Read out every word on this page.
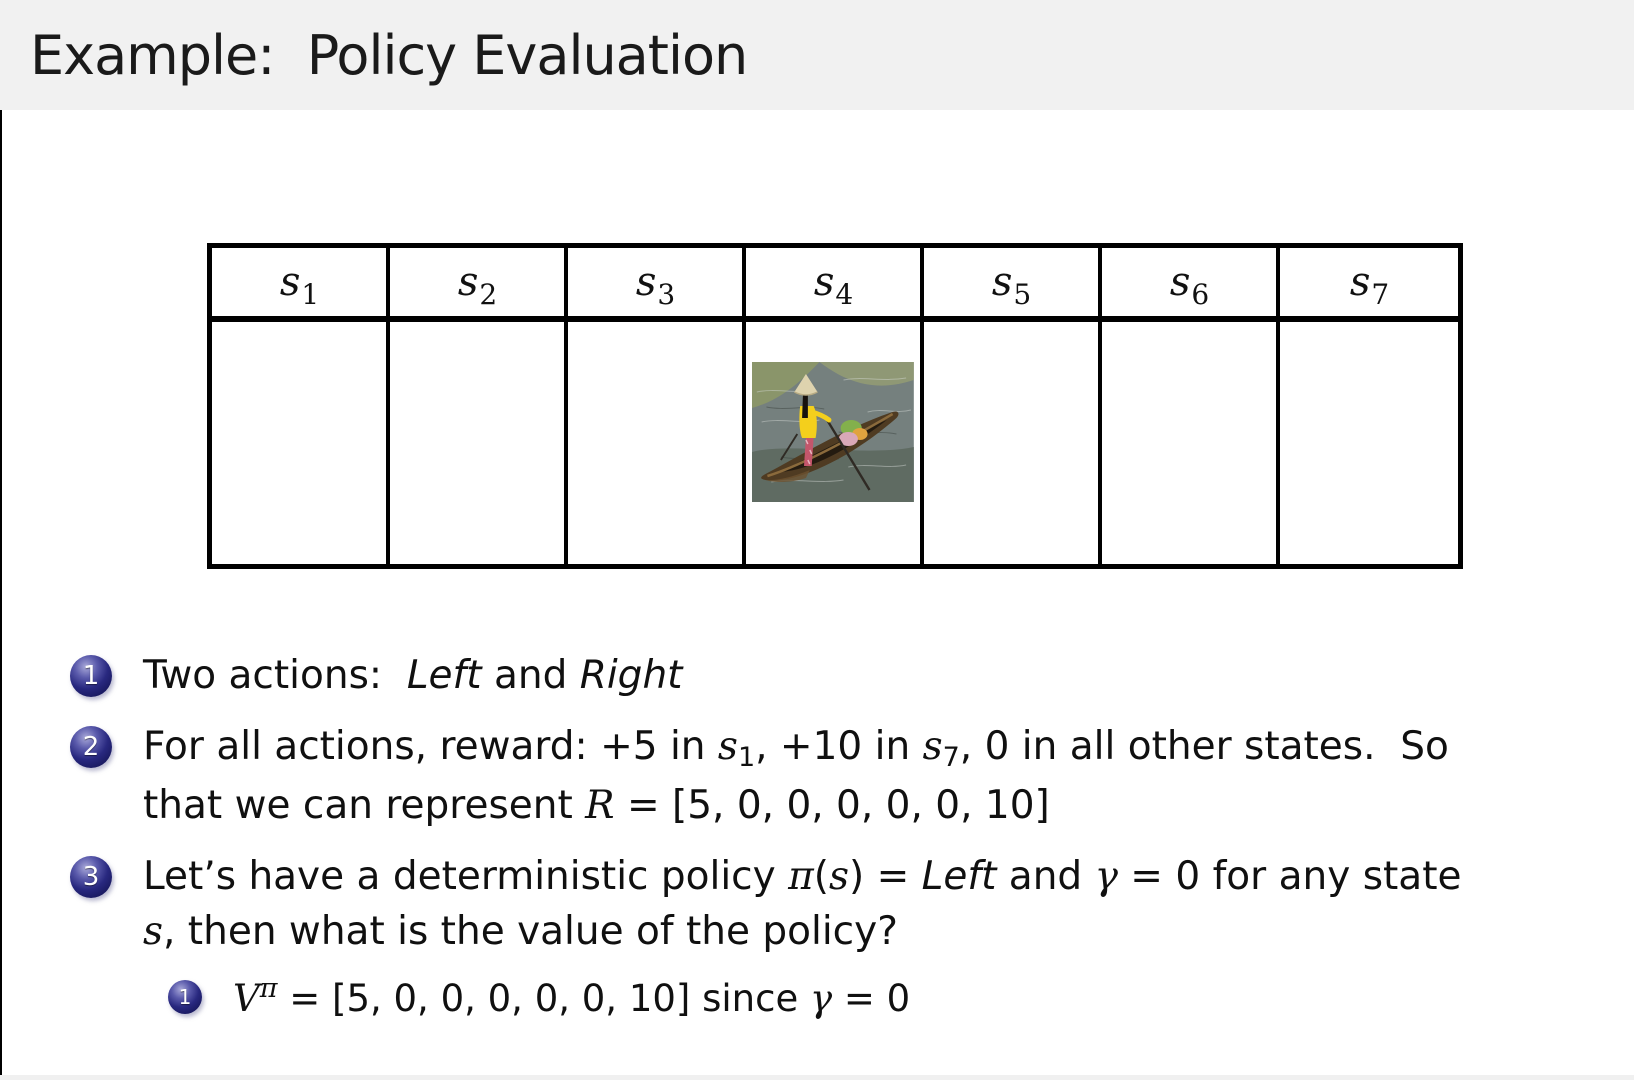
Example:  Policy Evaluation
$s_1$	$s_2$	$s_3$	$s_4$	$s_5$	$s_6$	$s_7$
1	Two actions:  Left and Right
2	For all actions, reward: +5 in s1, +10 in s7, 0 in all other states.  So
that we can represent R = [5, 0, 0, 0, 0, 0, 10]
3	Let’s have a deterministic policy π(s) = Left and γ = 0 for any state
s, then what is the value of the policy?
1 $V^\pi = [5$, 0, 0, 0, 0, 0, 10] since γ = 0
